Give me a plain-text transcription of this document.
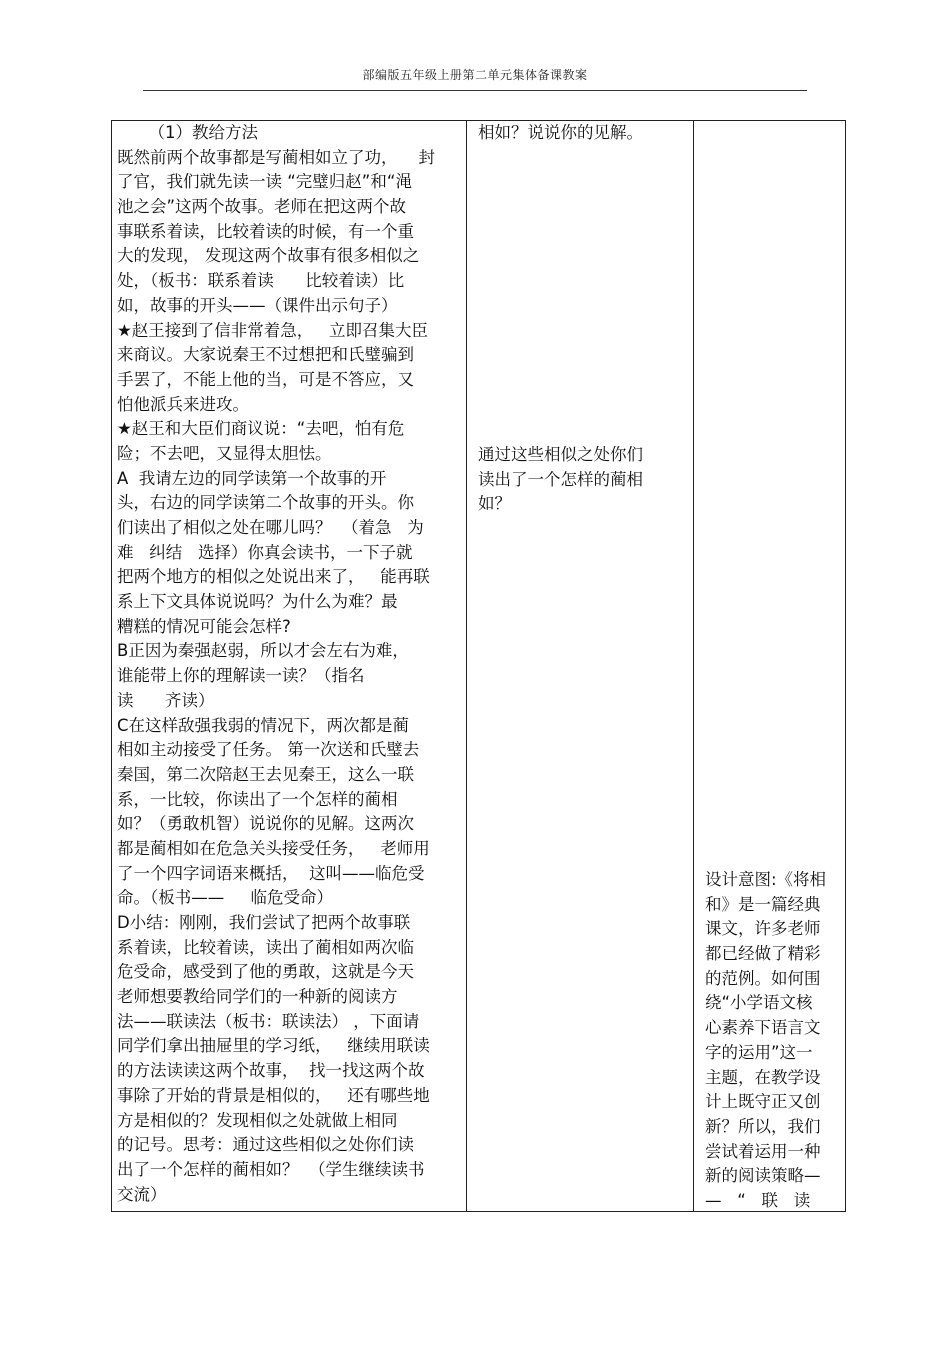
部编版五年级上册第二单元集体备课教案
（1）教给方法
既然前两个故事都是写蔺相如立了功，    封
了官，我们就先读一读 “完璧归赵”和“渑
池之会”这两个故事。老师在把这两个故
事联系着读，比较着读的时候，有一个重
大的发现， 发现这两个故事有很多相似之
处，（板书：联系着读      比较着读）比
如，故事的开头——（课件出示句子）
★赵王接到了信非常着急，   立即召集大臣
来商议。大家说秦王不过想把和氏璧骗到
手罢了，不能上他的当，可是不答应，又
怕他派兵来进攻。
★赵王和大臣们商议说：“去吧，怕有危
险；不去吧，又显得太胆怯。
A  我请左边的同学读第一个故事的开
头，右边的同学读第二个故事的开头。你
们读出了相似之处在哪儿吗？  （着急   为
难   纠结   选择）你真会读书，一下子就
把两个地方的相似之处说出来了，   能再联
系上下文具体说说吗？为什么为难？最
糟糕的情况可能会怎样?
B正因为秦强赵弱，所以才会左右为难，
谁能带上你的理解读一读？（指名
读      齐读）
C在这样敌强我弱的情况下，两次都是蔺
相如主动接受了任务。 第一次送和氏璧去
秦国，第二次陪赵王去见秦王，这么一联
系，一比较，你读出了一个怎样的蔺相
如？（勇敢机智）说说你的见解。这两次
都是蔺相如在危急关头接受任务，   老师用
了一个四字词语来概括，  这叫——临危受
命。（板书——     临危受命）
D小结：刚刚，我们尝试了把两个故事联
系着读，比较着读，读出了蔺相如两次临
危受命，感受到了他的勇敢，这就是今天
老师想要教给同学们的一种新的阅读方
法——联读法（板书：联读法） ，下面请
同学们拿出抽屉里的学习纸，   继续用联读
的方法读读这两个故事，  找一找这两个故
事除了开始的背景是相似的，   还有哪些地
方是相似的？发现相似之处就做上相同
的记号。思考：通过这些相似之处你们读
出了一个怎样的蔺相如？  （学生继续读书
交流）
相如？说说你的见解。
通过这些相似之处你们
读出了一个怎样的蔺相
如？
设计意图:《将相
和》是一篇经典
课文，许多老师
都已经做了精彩
的范例。如何围
绕“小学语文核
心素养下语言文
字的运用”这一
主题，在教学设
计上既守正又创
新？所以，我们
尝试着运用一种
新的阅读策略—
—   “   联   读
